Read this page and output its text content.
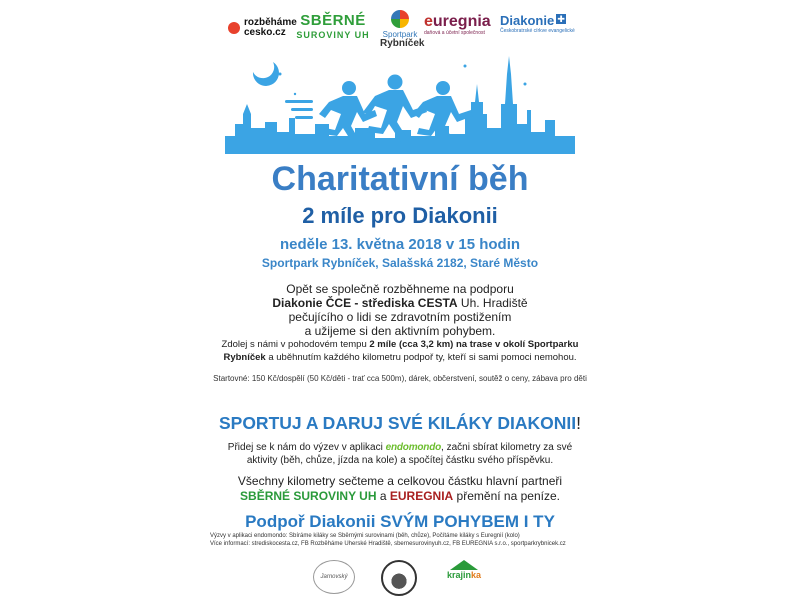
rozběháme
cesko.cz
SBĚRNÉ
SUROVINY UH	Sportpark
Rybníček
euregnia
daňová a účetní společnost
Diakonie ✚
Českobratrské církve evangelické
Charitativní běh
2 míle pro Diakonii
neděle 13. května 2018 v 15 hodin
Sportpark Rybníček, Salašská 2182, Staré Město
Opět se společně rozběhneme na podporu
Diakonie ČCE - střediska CESTA Uh. Hradiště
pečujícího o lidi se zdravotním postižením
a užijeme si den aktivním pohybem.
Zdolej s námi v pohodovém tempu 2 míle (cca 3,2 km) na trase v okolí Sportparku
Rybníček a uběhnutím každého kilometru podpoř ty, kteří si sami pomoci nemohou.
Startovné: 150 Kč/dospělí (50 Kč/děti - trať cca 500m), dárek, občerstvení, soutěž o ceny, zábava pro děti
SPORTUJ A DARUJ SVÉ KILÁKY DIAKONII!
Přidej se k nám do výzev v aplikaci endomondo, začni sbírat kilometry za své
aktivity (běh, chůze, jízda na kole) a spočítej částku svého příspěvku.
Všechny kilometry sečteme a celkovou částku hlavní partneři
SBĚRNÉ SUROVINY UH a EUREGNIA přemění na peníze.
Podpoř Diakonii SVÝM POHYBEM I TY
Výzvy v aplikaci endomondo: Sbíráme kiláky se Sběrnými surovinami (běh, chůze), Počítáme kiláky s Euregnií (kolo)
Více informací: strediskocesta.cz, FB Rozběháme Uherské Hradiště, sbernesurovinyuh.cz, FB EUREGNIA s.r.o., sportparkrybnicek.cz
Jarnovský	krajinka
